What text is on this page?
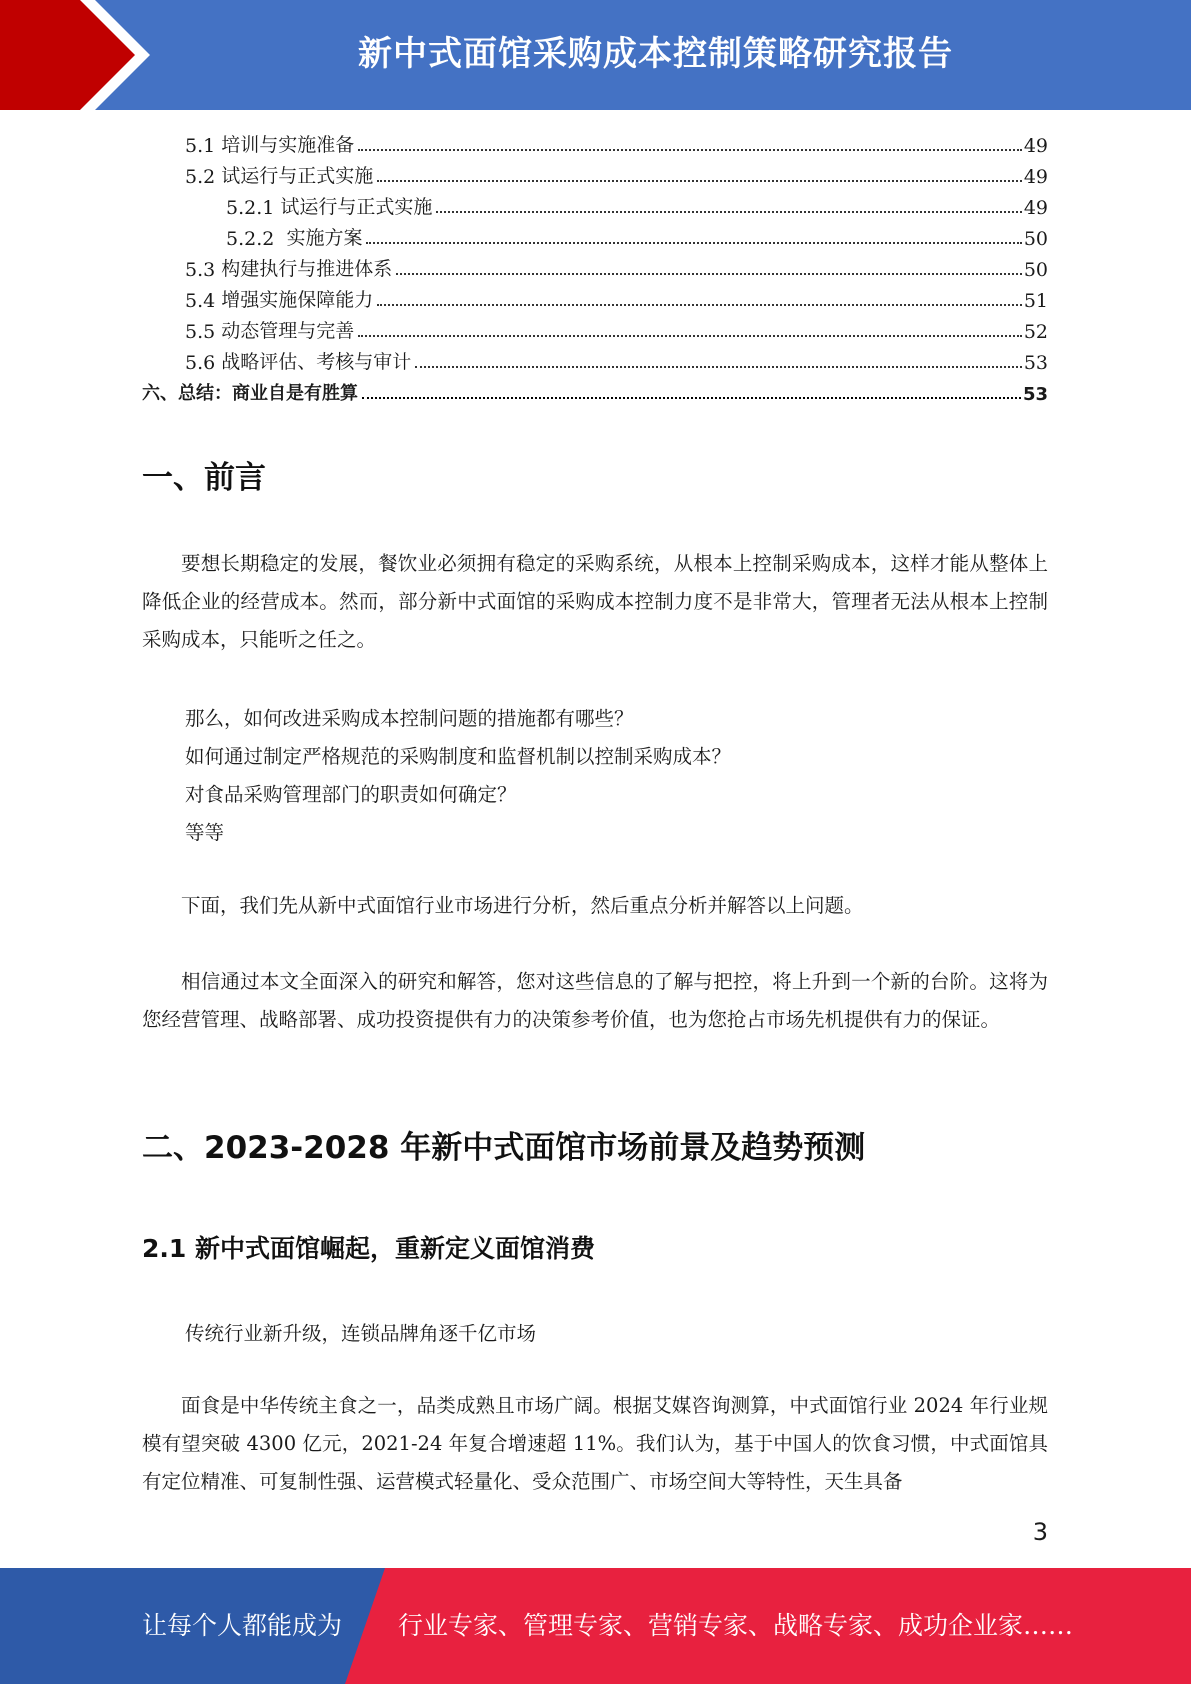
新中式面馆采购成本控制策略研究报告
5.1 培训与实施准备	49
5.2 试运行与正式实施	49
5.2.1 试运行与正式实施	49
5.2.2 实施方案	50
5.3 构建执行与推进体系	50
5.4 增强实施保障能力	51
5.5 动态管理与完善	52
5.6 战略评估、考核与审计	53
六、总结：商业自是有胜算	53
一、前言
要想长期稳定的发展，餐饮业必须拥有稳定的采购系统，从根本上控制采购成本，这样才能从整体上降低企业的经营成本。然而，部分新中式面馆的采购成本控制力度不是非常大，管理者无法从根本上控制采购成本，只能听之任之。
那么，如何改进采购成本控制问题的措施都有哪些？
如何通过制定严格规范的采购制度和监督机制以控制采购成本？
对食品采购管理部门的职责如何确定？
等等
下面，我们先从新中式面馆行业市场进行分析，然后重点分析并解答以上问题。
相信通过本文全面深入的研究和解答，您对这些信息的了解与把控，将上升到一个新的台阶。这将为您经营管理、战略部署、成功投资提供有力的决策参考价值，也为您抢占市场先机提供有力的保证。
二、2023-2028 年新中式面馆市场前景及趋势预测
2.1 新中式面馆崛起，重新定义面馆消费
传统行业新升级，连锁品牌角逐千亿市场
面食是中华传统主食之一，品类成熟且市场广阔。根据艾媒咨询测算，中式面馆行业 2024 年行业规模有望突破 4300 亿元，2021-24 年复合增速超 11%。我们认为，基于中国人的饮食习惯，中式面馆具有定位精准、可复制性强、运营模式轻量化、受众范围广、市场空间大等特性，天生具备
3
让每个人都能成为 行业专家、管理专家、营销专家、战略专家、成功企业家……
